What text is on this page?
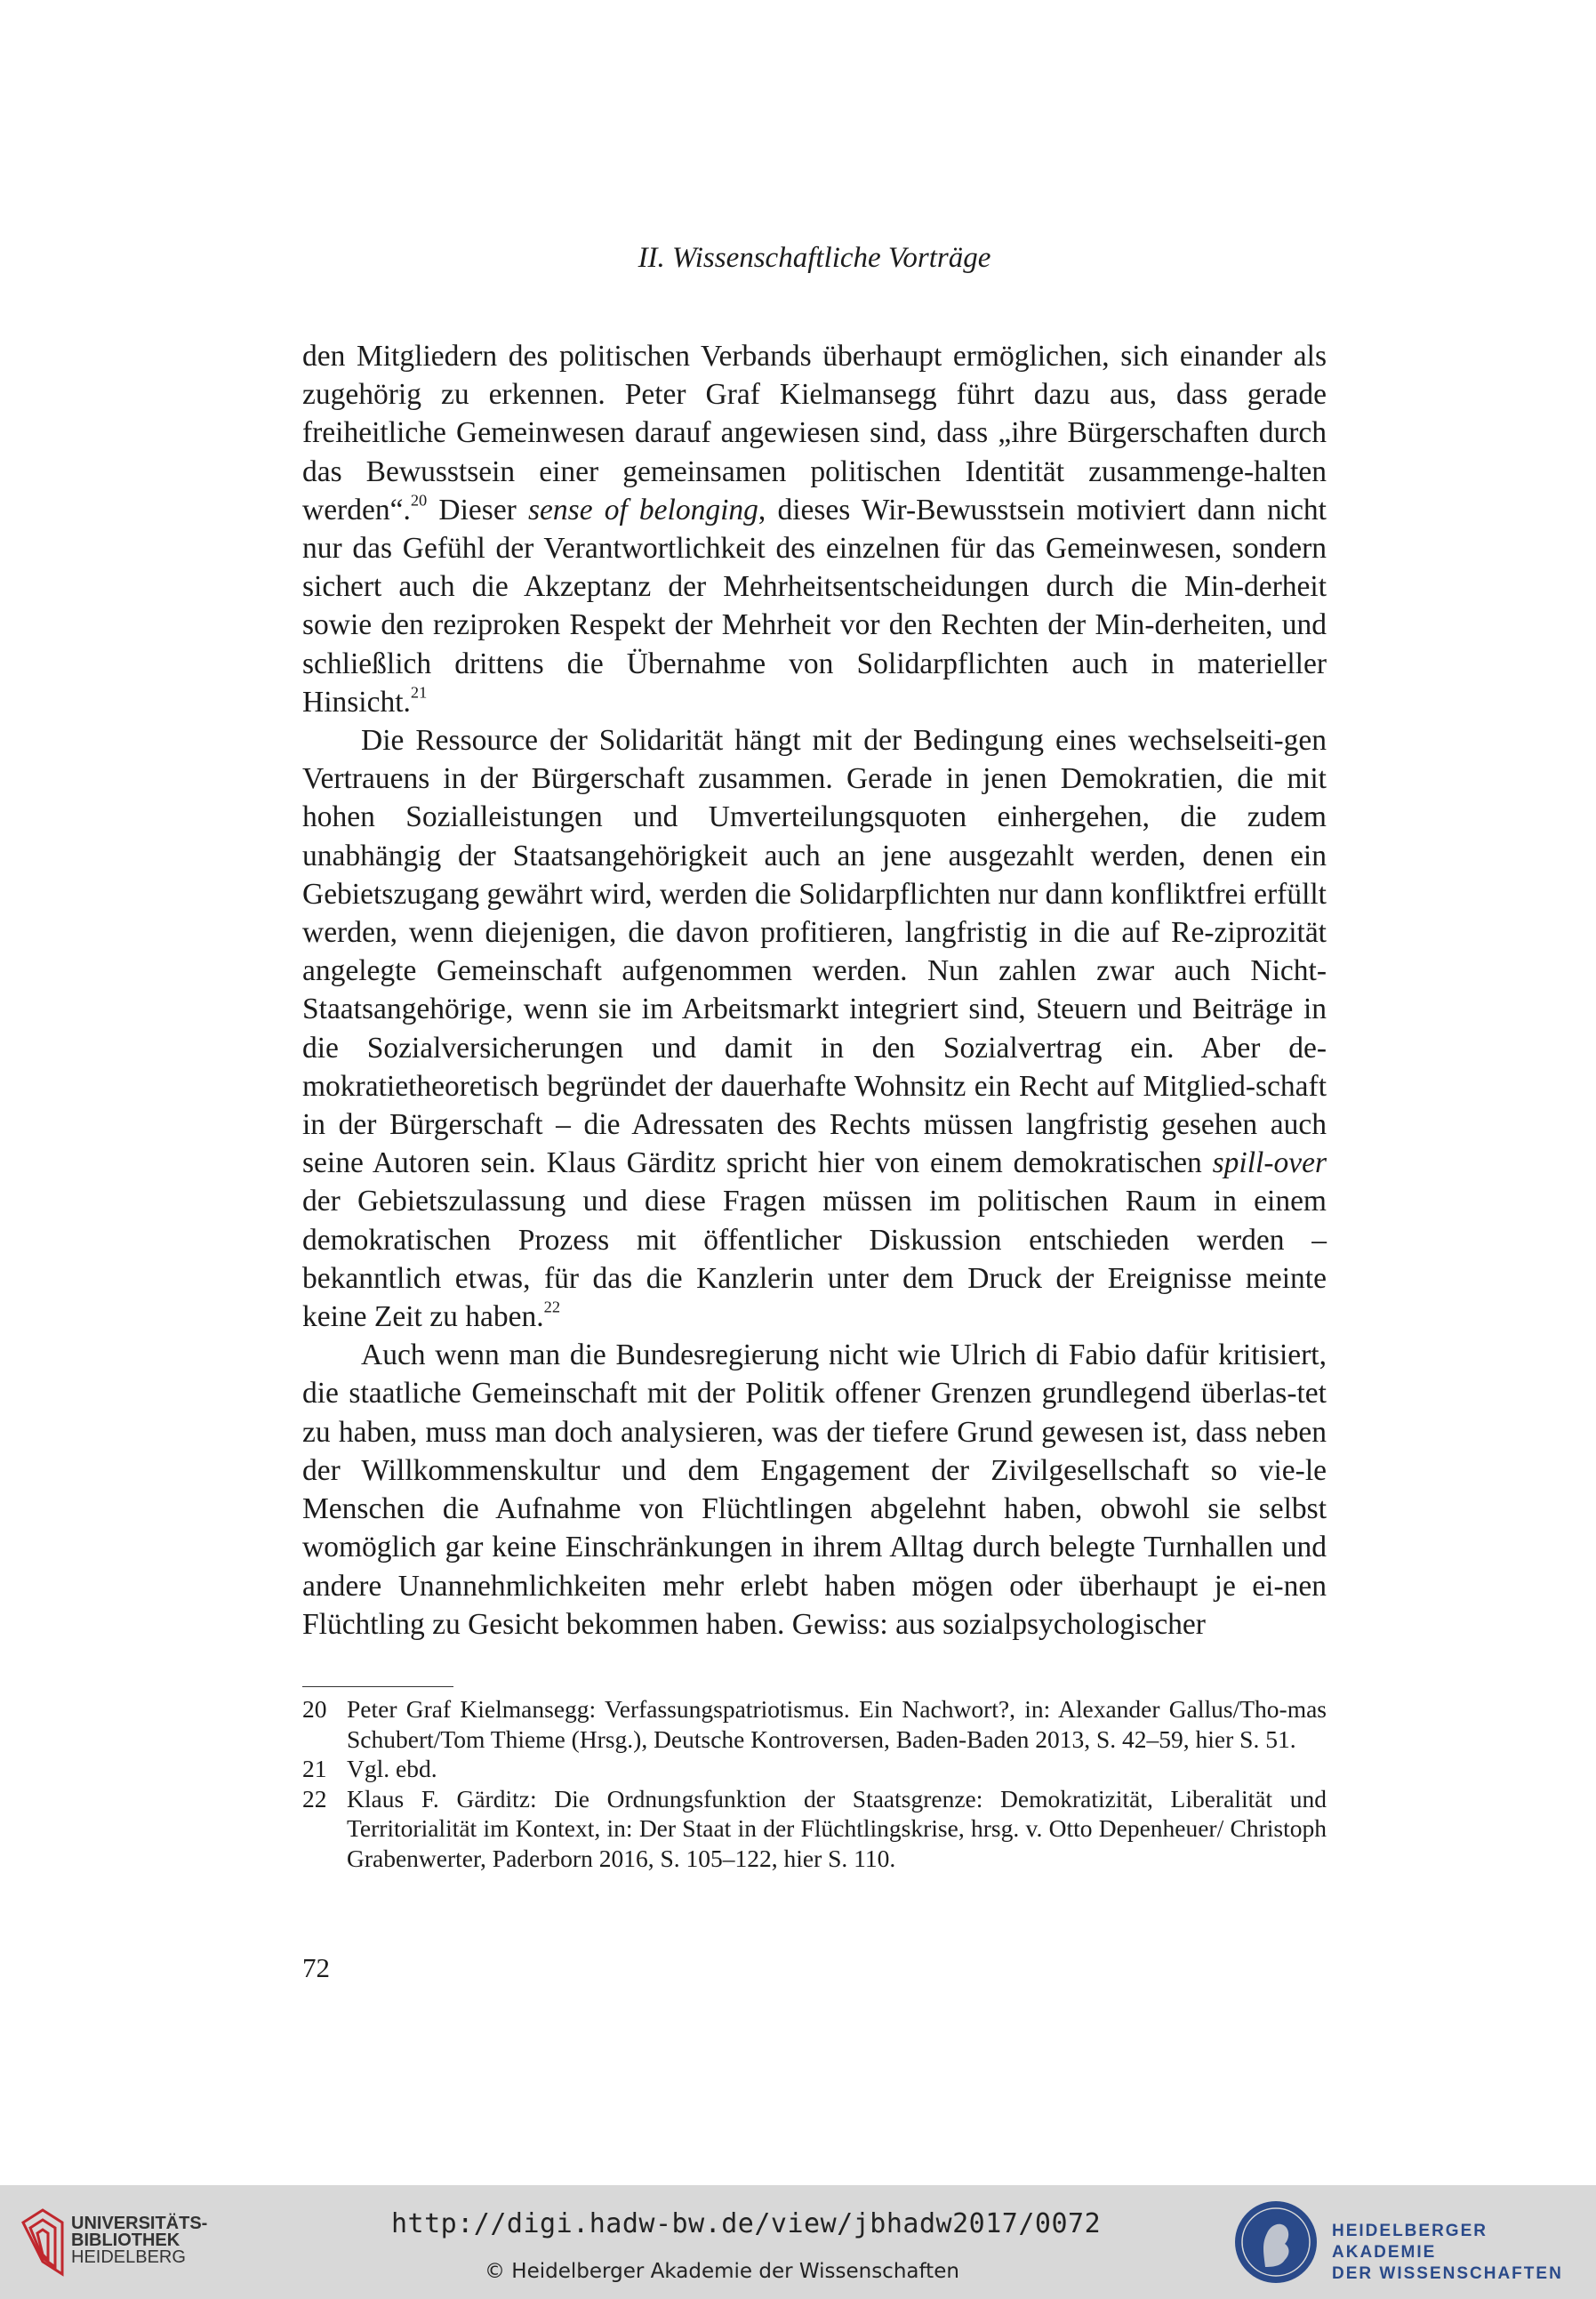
II. Wissenschaftliche Vorträge

den Mitgliedern des politischen Verbands überhaupt ermöglichen, sich einander als zugehörig zu erkennen. Peter Graf Kielmansegg führt dazu aus, dass gerade freiheitliche Gemeinwesen darauf angewiesen sind, dass „ihre Bürgerschaften durch das Bewusstsein einer gemeinsamen politischen Identität zusammenge-halten werden“.$^{20}$ Dieser sense of belonging, dieses Wir-Bewusstsein motiviert dann nicht nur das Gefühl der Verantwortlichkeit des einzelnen für das Gemeinwesen, sondern sichert auch die Akzeptanz der Mehrheitsentscheidungen durch die Min-derheit sowie den reziproken Respekt der Mehrheit vor den Rechten der Min-derheiten, und schließlich drittens die Übernahme von Solidarpflichten auch in materieller Hinsicht.$^{21}$

Die Ressource der Solidarität hängt mit der Bedingung eines wechselseiti-gen Vertrauens in der Bürgerschaft zusammen. Gerade in jenen Demokratien, die mit hohen Sozialleistungen und Umverteilungsquoten einhergehen, die zudem unabhängig der Staatsangehörigkeit auch an jene ausgezahlt werden, denen ein Gebietszugang gewährt wird, werden die Solidarpflichten nur dann konfliktfrei erfüllt werden, wenn diejenigen, die davon profitieren, langfristig in die auf Re-ziprozität angelegte Gemeinschaft aufgenommen werden. Nun zahlen zwar auch Nicht-Staatsangehörige, wenn sie im Arbeitsmarkt integriert sind, Steuern und Beiträge in die Sozialversicherungen und damit in den Sozialvertrag ein. Aber de-mokratietheoretisch begründet der dauerhafte Wohnsitz ein Recht auf Mitglied-schaft in der Bürgerschaft – die Adressaten des Rechts müssen langfristig gesehen auch seine Autoren sein. Klaus Gärditz spricht hier von einem demokratischen spill-over der Gebietszulassung und diese Fragen müssen im politischen Raum in einem demokratischen Prozess mit öffentlicher Diskussion entschieden werden – bekanntlich etwas, für das die Kanzlerin unter dem Druck der Ereignisse meinte keine Zeit zu haben.$^{22}$

Auch wenn man die Bundesregierung nicht wie Ulrich di Fabio dafür kritisiert, die staatliche Gemeinschaft mit der Politik offener Grenzen grundlegend überlas-tet zu haben, muss man doch analysieren, was der tiefere Grund gewesen ist, dass neben der Willkommenskultur und dem Engagement der Zivilgesellschaft so vie-le Menschen die Aufnahme von Flüchtlingen abgelehnt haben, obwohl sie selbst womöglich gar keine Einschränkungen in ihrem Alltag durch belegte Turnhallen und andere Unannehmlichkeiten mehr erlebt haben mögen oder überhaupt je ei-nen Flüchtling zu Gesicht bekommen haben. Gewiss: aus sozialpsychologischer

20 Peter Graf Kielmansegg: Verfassungspatriotismus. Ein Nachwort?, in: Alexander Gallus/Tho-mas Schubert/Tom Thieme (Hrsg.), Deutsche Kontroversen, Baden-Baden 2013, S. 42–59, hier S. 51.
21 Vgl. ebd.
22 Klaus F. Gärditz: Die Ordnungsfunktion der Staatsgrenze: Demokratizität, Liberalität und Territorialität im Kontext, in: Der Staat in der Flüchtlingskrise, hrsg. v. Otto Depenheuer/ Christoph Grabenwerter, Paderborn 2016, S. 105–122, hier S. 110.
72
UNIVERSITÄTS-
BIBLIOTHEK
HEIDELBERG
http://digi.hadw-bw.de/view/jbhadw2017/0072
© Heidelberger Akademie der Wissenschaften
HEIDELBERGER AKADEMIE
DER WISSENSCHAFTEN
